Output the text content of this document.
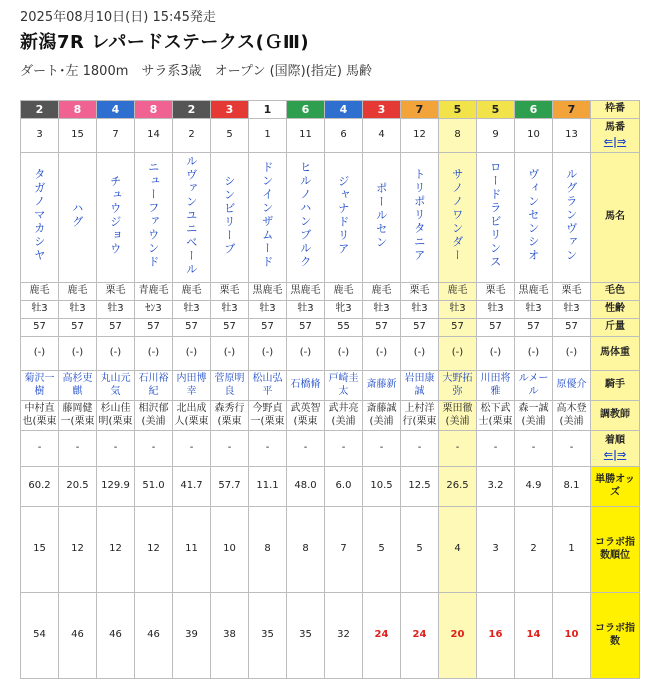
2025年08月10日(日) 15:45発走
新潟7R レパードステークス(ＧⅢ)
ダート･左 1800m　サラ系3歳　オープン (国際)(指定) 馬齢
2	8	4	8	2	3	1	6	4	3	7	5	5	6	7	枠番

3	15	7	14	2	5	1	11	6	4	12	8	9	10	13	馬番
⇐|⇒

タガノマカシヤ	ハグ	チュウジョウ	ニューファウンド	ルヴァンユニベール	シンビリーブ	ドンインザムード	ヒルノハンブルク	ジャナドリア	ポールセン	トリポリタニア	サノノワンダー	ロードラビリンス	ヴィンセンシオ	ルグランヴァン	馬名

鹿毛	鹿毛	栗毛	青鹿毛	鹿毛	栗毛	黒鹿毛	黒鹿毛	鹿毛	鹿毛	栗毛	鹿毛	栗毛	黒鹿毛	栗毛	毛色

牡3	牡3	牡3	ｾﾝ3	牡3	牡3	牡3	牡3	牝3	牡3	牡3	牡3	牡3	牡3	牡3	性齢

57	57	57	57	57	57	57	57	55	57	57	57	57	57	57	斤量

(-)	(-)	(-)	(-)	(-)	(-)	(-)	(-)	(-)	(-)	(-)	(-)	(-)	(-)	(-)	馬体重

菊沢一樹	高杉吏麒	丸山元気	石川裕紀	内田博幸	菅原明良	松山弘平	石橋脩	戸崎圭太	斎藤新	岩田康誠	大野拓弥	川田将雅	ルメール	原優介	騎手

中村直也(栗東	藤岡健一(栗東	杉山佳明(栗東	相沢郁(美浦	北出成人(栗東	森秀行(栗東	今野貞一(栗東	武英智(栗東	武井亮(美浦	斎藤誠(美浦	上村洋行(栗東	栗田徹(美浦	松下武士(栗東	森一誠(美浦	高木登(美浦	調教師

-	-	-	-	-	-	-	-	-	-	-	-	-	-	-	着順
⇐|⇒

60.2	20.5	129.9	51.0	41.7	57.7	11.1	48.0	6.0	10.5	12.5	26.5	3.2	4.9	8.1	単勝オッズ

15	12	12	12	11	10	8	8	7	5	5	4	3	2	1	コラボ指数順位

54	46	46	46	39	38	35	35	32	24	24	20	16	14	10	コラボ指数
